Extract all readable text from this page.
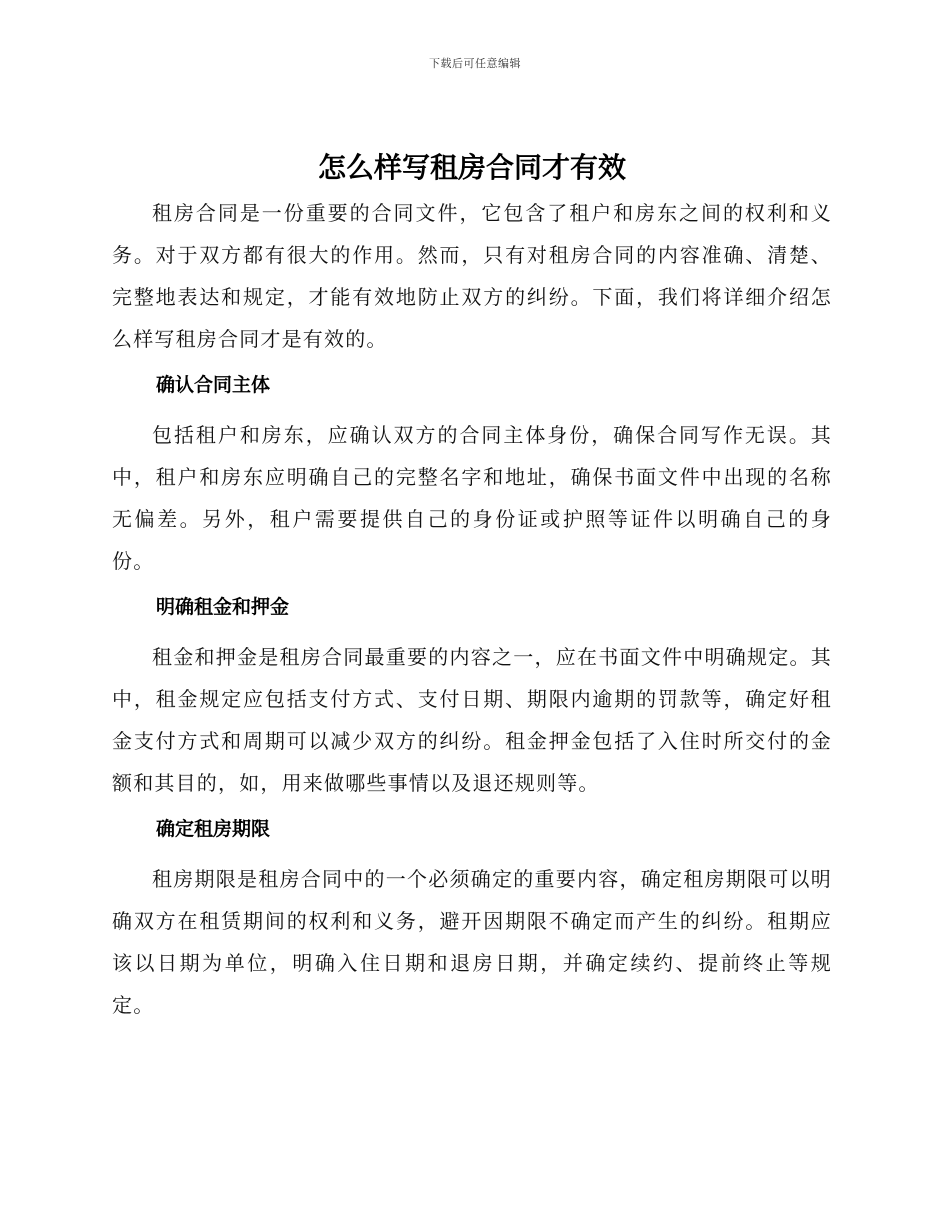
下载后可任意编辑
怎么样写租房合同才有效

租房合同是一份重要的合同文件，它包含了租户和房东之间的权利和义务。对于双方都有很大的作用。然而，只有对租房合同的内容准确、清楚、完整地表达和规定，才能有效地防止双方的纠纷。下面，我们将详细介绍怎么样写租房合同才是有效的。

确认合同主体

包括租户和房东，应确认双方的合同主体身份，确保合同写作无误。其中，租户和房东应明确自己的完整名字和地址，确保书面文件中出现的名称无偏差。另外，租户需要提供自己的身份证或护照等证件以明确自己的身份。

明确租金和押金

租金和押金是租房合同最重要的内容之一，应在书面文件中明确规定。其中，租金规定应包括支付方式、支付日期、期限内逾期的罚款等，确定好租金支付方式和周期可以减少双方的纠纷。租金押金包括了入住时所交付的金额和其目的，如，用来做哪些事情以及退还规则等。

确定租房期限

租房期限是租房合同中的一个必须确定的重要内容，确定租房期限可以明确双方在租赁期间的权利和义务，避开因期限不确定而产生的纠纷。租期应该以日期为单位，明确入住日期和退房日期，并确定续约、提前终止等规定。
